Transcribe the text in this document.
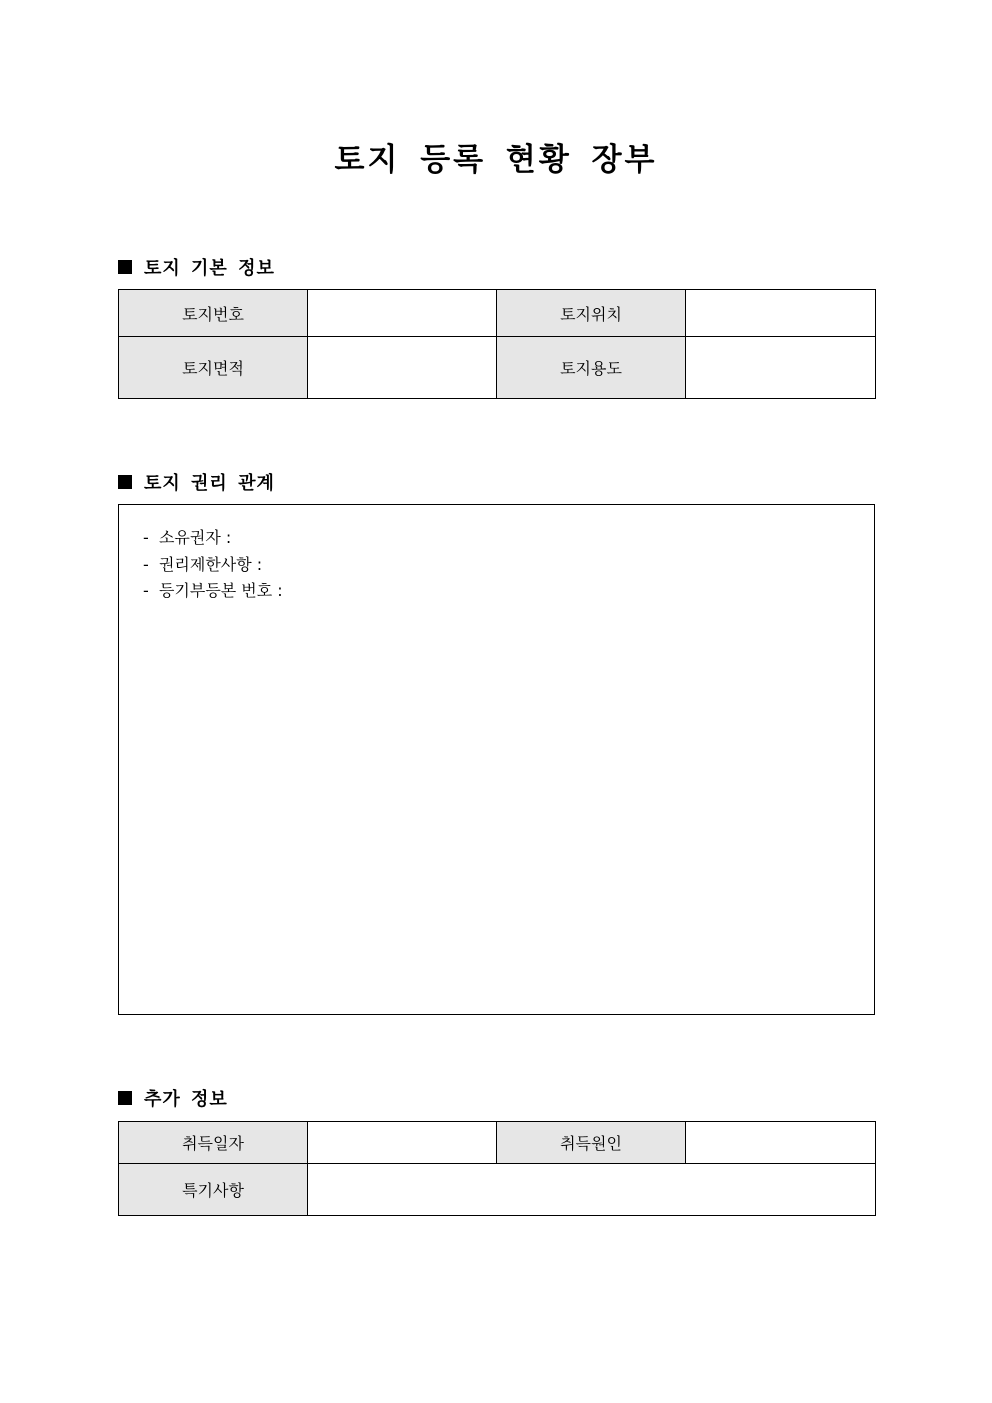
토지 등록 현황 장부
토지 기본 정보
토지번호		토지위치	
토지면적		토지용도	
토지 권리 관계
-  소유권자 :
-  권리제한사항 :
-  등기부등본 번호 :
추가 정보
취득일자		취득원인	
특기사항			
